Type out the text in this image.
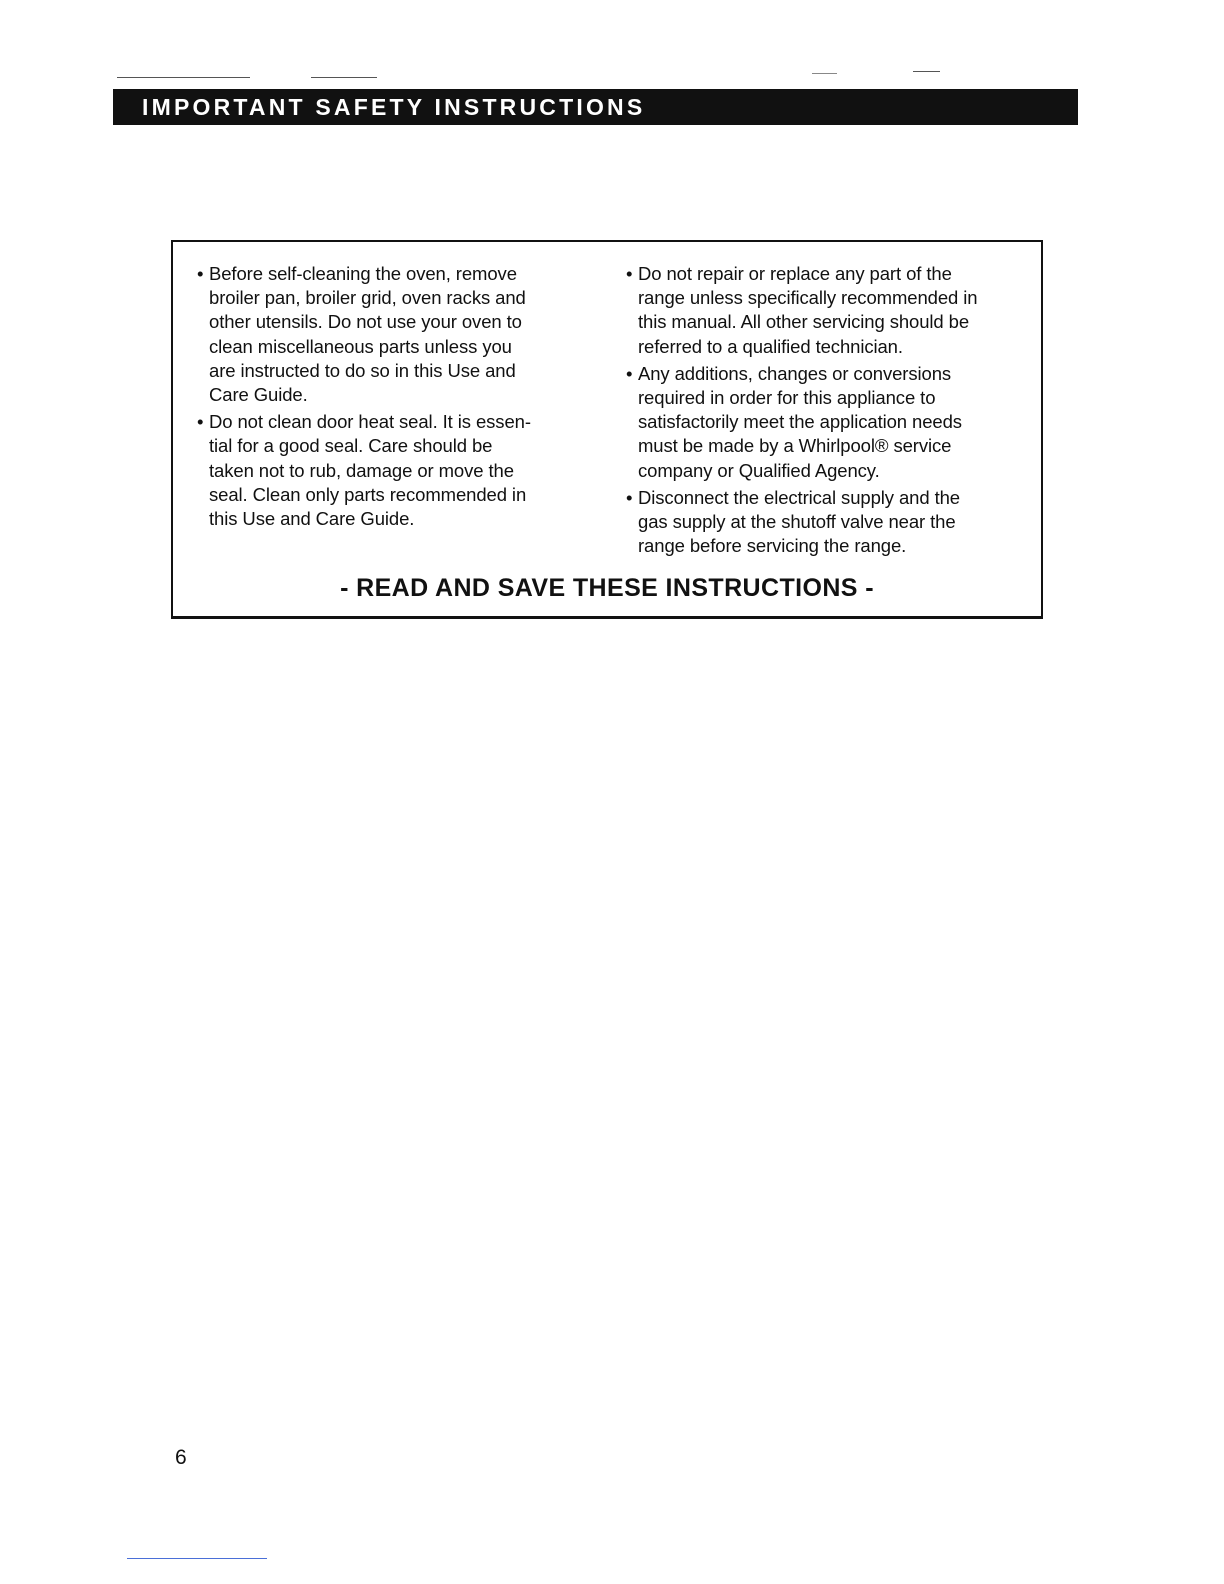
IMPORTANT SAFETY INSTRUCTIONS
• Before self-cleaning the oven, remove
broiler pan, broiler grid, oven racks and
other utensils. Do not use your oven to
clean miscellaneous parts unless you
are instructed to do so in this Use and
Care Guide.
• Do not clean door heat seal. It is essen-
tial for a good seal. Care should be
taken not to rub, damage or move the
seal. Clean only parts recommended in
this Use and Care Guide.
• Do not repair or replace any part of the
range unless specifically recommended in
this manual. All other servicing should be
referred to a qualified technician.
• Any additions, changes or conversions
required in order for this appliance to
satisfactorily meet the application needs
must be made by a Whirlpool® service
company or Qualified Agency.
• Disconnect the electrical supply and the
gas supply at the shutoff valve near the
range before servicing the range.
- READ AND SAVE THESE INSTRUCTIONS -
6
